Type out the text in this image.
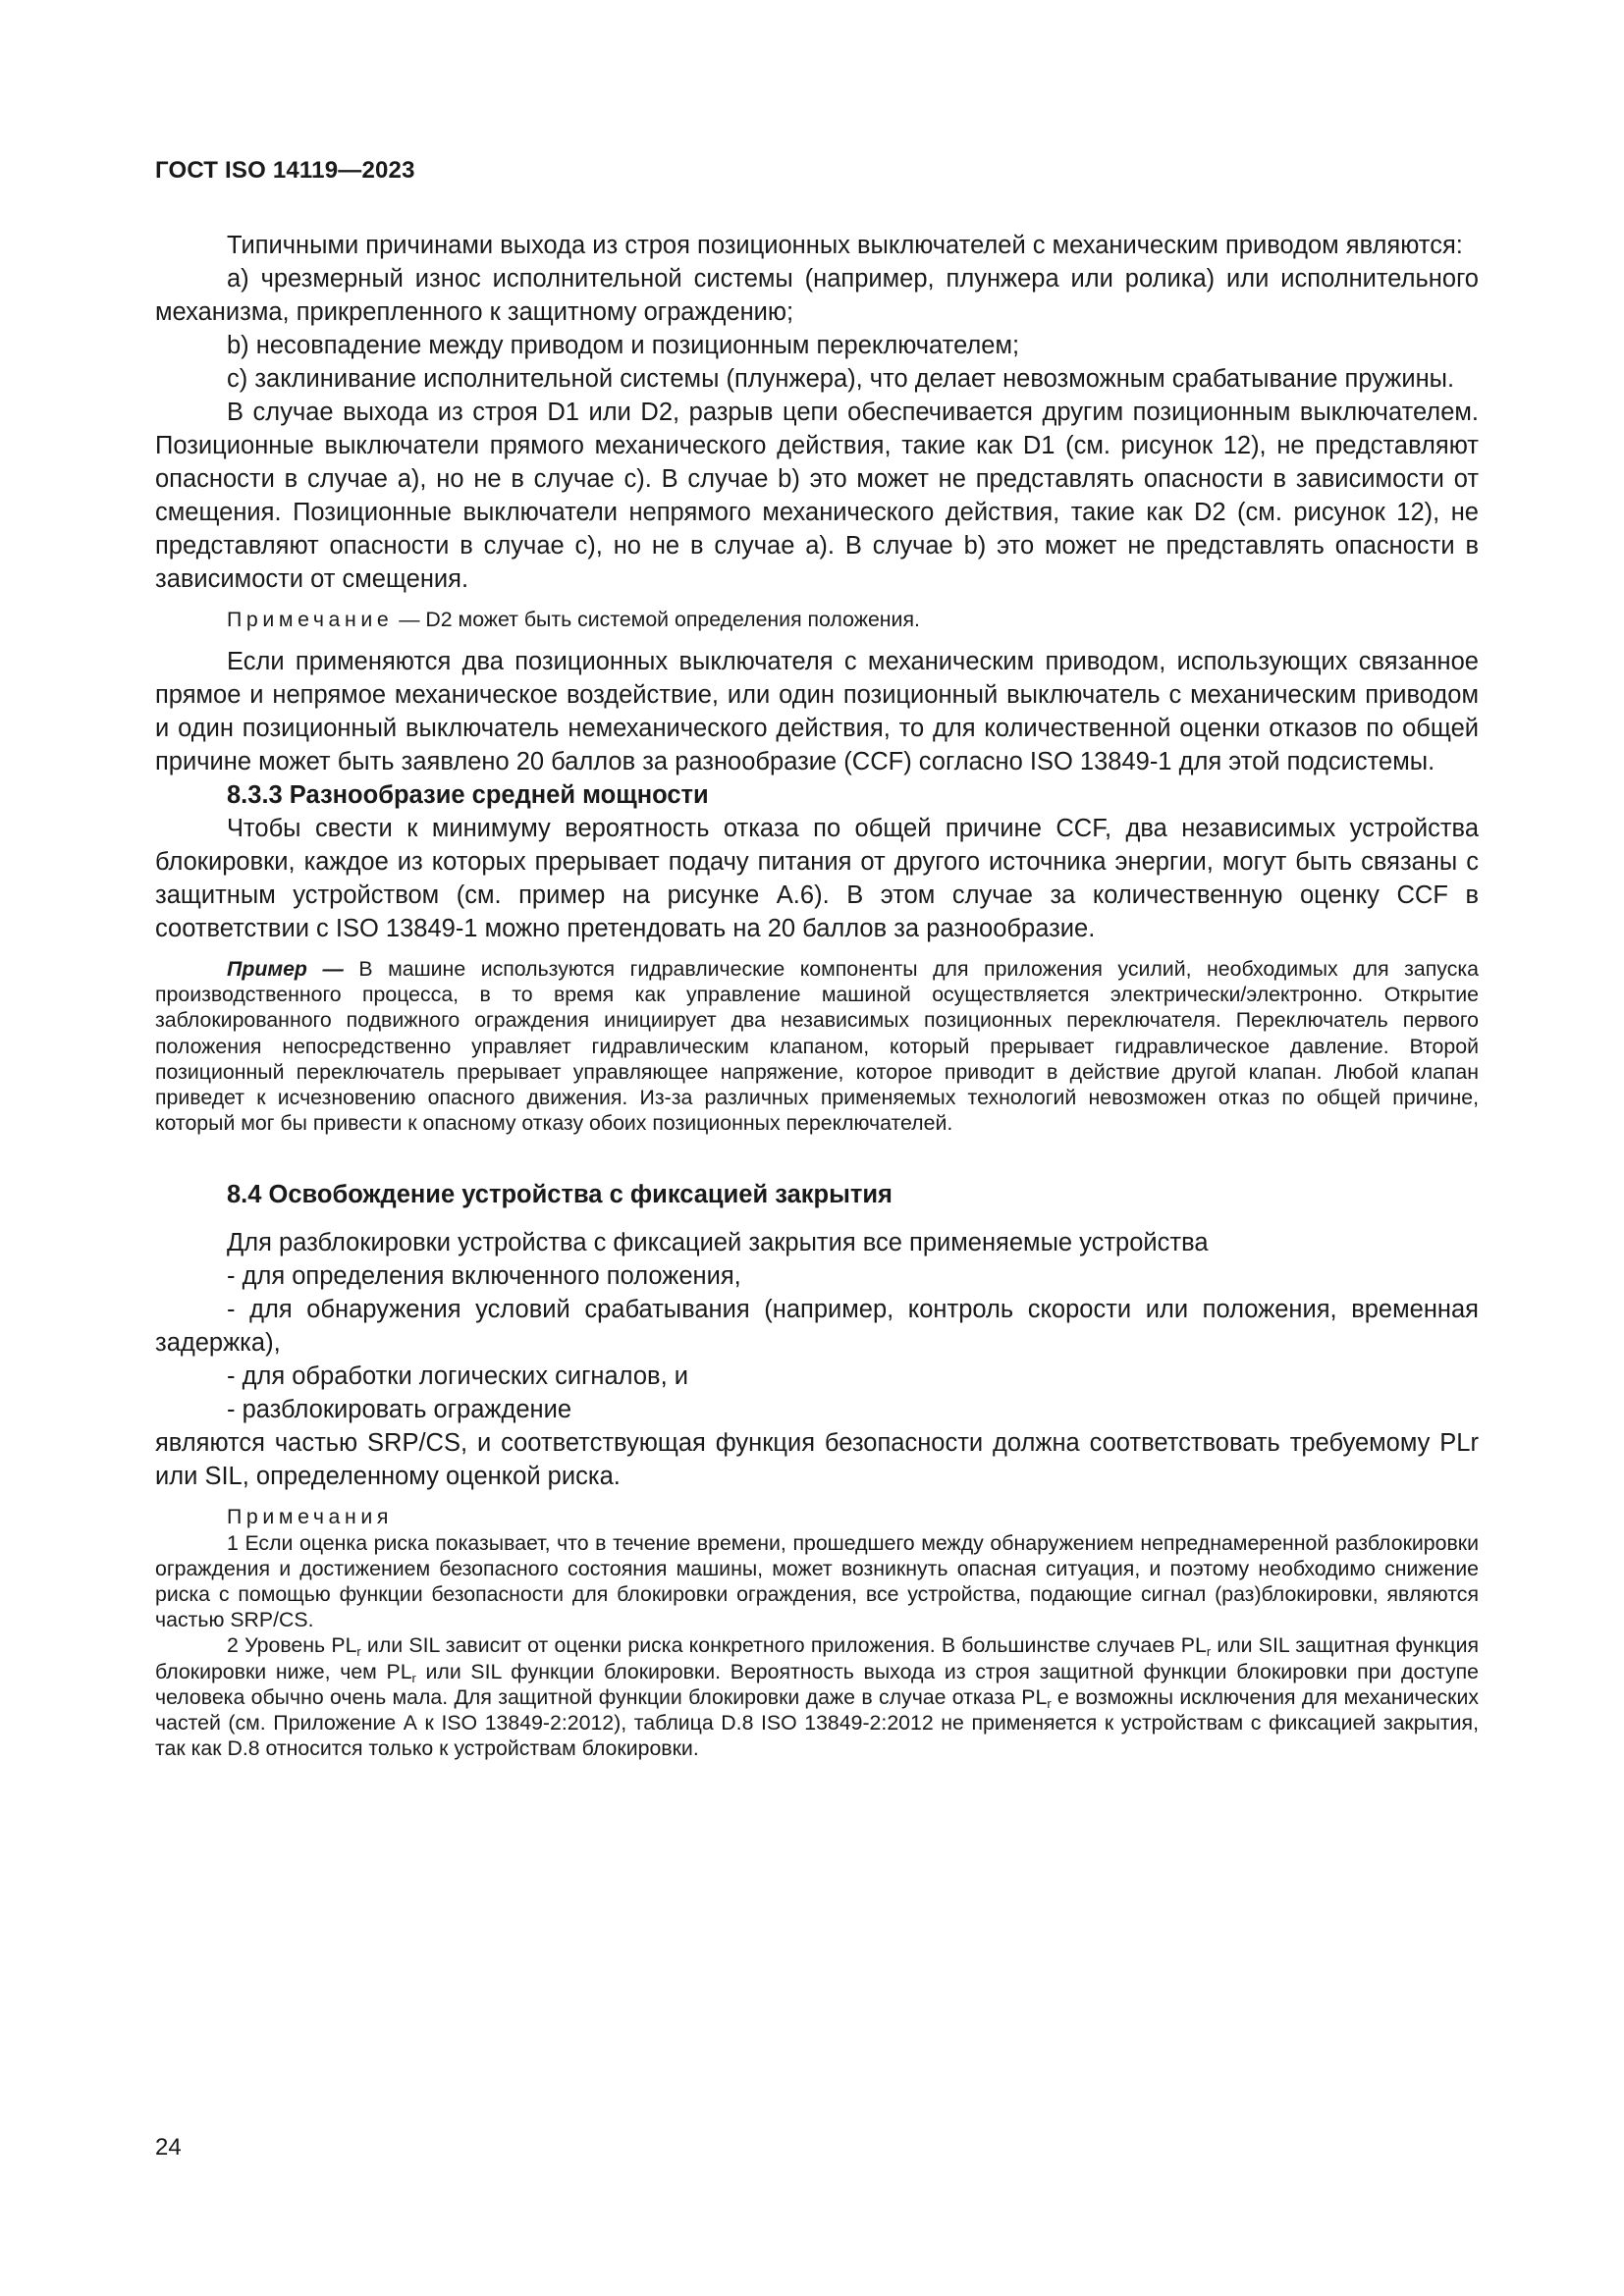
ГОСТ ISO 14119—2023

Типичными причинами выхода из строя позиционных выключателей с механическим приводом являются:

а) чрезмерный износ исполнительной системы (например, плунжера или ролика) или исполнительного механизма, прикрепленного к защитному ограждению;

b) несовпадение между приводом и позиционным переключателем;

с) заклинивание исполнительной системы (плунжера), что делает невозможным срабатывание пружины.

В случае выхода из строя D1 или D2, разрыв цепи обеспечивается другим позиционным выключателем. Позиционные выключатели прямого механического действия, такие как D1 (см. рисунок 12), не представляют опасности в случае а), но не в случае с). В случае b) это может не представлять опасности в зависимости от смещения. Позиционные выключатели непрямого механического действия, такие как D2 (см. рисунок 12), не представляют опасности в случае с), но не в случае а). В случае b) это может не представлять опасности в зависимости от смещения.

Примечание — D2 может быть системой определения положения.

Если применяются два позиционных выключателя с механическим приводом, использующих связанное прямое и непрямое механическое воздействие, или один позиционный выключатель с механическим приводом и один позиционный выключатель немеханического действия, то для количественной оценки отказов по общей причине может быть заявлено 20 баллов за разнообразие (CCF) согласно ISO 13849-1 для этой подсистемы.

8.3.3 Разнообразие средней мощности

Чтобы свести к минимуму вероятность отказа по общей причине CCF, два независимых устройства блокировки, каждое из которых прерывает подачу питания от другого источника энергии, могут быть связаны с защитным устройством (см. пример на рисунке А.6). В этом случае за количественную оценку CCF в соответствии с ISO 13849-1 можно претендовать на 20 баллов за разнообразие.

Пример — В машине используются гидравлические компоненты для приложения усилий, необходимых для запуска производственного процесса, в то время как управление машиной осуществляется электрически/электронно. Открытие заблокированного подвижного ограждения инициирует два независимых позиционных переключателя. Переключатель первого положения непосредственно управляет гидравлическим клапаном, который прерывает гидравлическое давление. Второй позиционный переключатель прерывает управляющее напряжение, которое приводит в действие другой клапан. Любой клапан приведет к исчезновению опасного движения. Из-за различных применяемых технологий невозможен отказ по общей причине, который мог бы привести к опасному отказу обоих позиционных переключателей.

8.4 Освобождение устройства с фиксацией закрытия

Для разблокировки устройства с фиксацией закрытия все применяемые устройства

- для определения включенного положения,

- для обнаружения условий срабатывания (например, контроль скорости или положения, временная задержка),

- для обработки логических сигналов, и

- разблокировать ограждение

являются частью SRP/CS, и соответствующая функция безопасности должна соответствовать требуемому PLr или SIL, определенному оценкой риска.

Примечания

1 Если оценка риска показывает, что в течение времени, прошедшего между обнаружением непреднамеренной разблокировки ограждения и достижением безопасного состояния машины, может возникнуть опасная ситуация, и поэтому необходимо снижение риска с помощью функции безопасности для блокировки ограждения, все устройства, подающие сигнал (раз)блокировки, являются частью SRP/CS.

2 Уровень $PL_r$ или SIL зависит от оценки риска конкретного приложения. В большинстве случаев $PL_r$ или SIL защитная функция блокировки ниже, чем $PL_r$ или SIL функции блокировки. Вероятность выхода из строя защитной функции блокировки при доступе человека обычно очень мала. Для защитной функции блокировки даже в случае отказа $PL_r$ е возможны исключения для механических частей (см. Приложение А к ISO 13849-2:2012), таблица D.8 ISO 13849-2:2012 не применяется к устройствам с фиксацией закрытия, так как D.8 относится только к устройствам блокировки.

24
